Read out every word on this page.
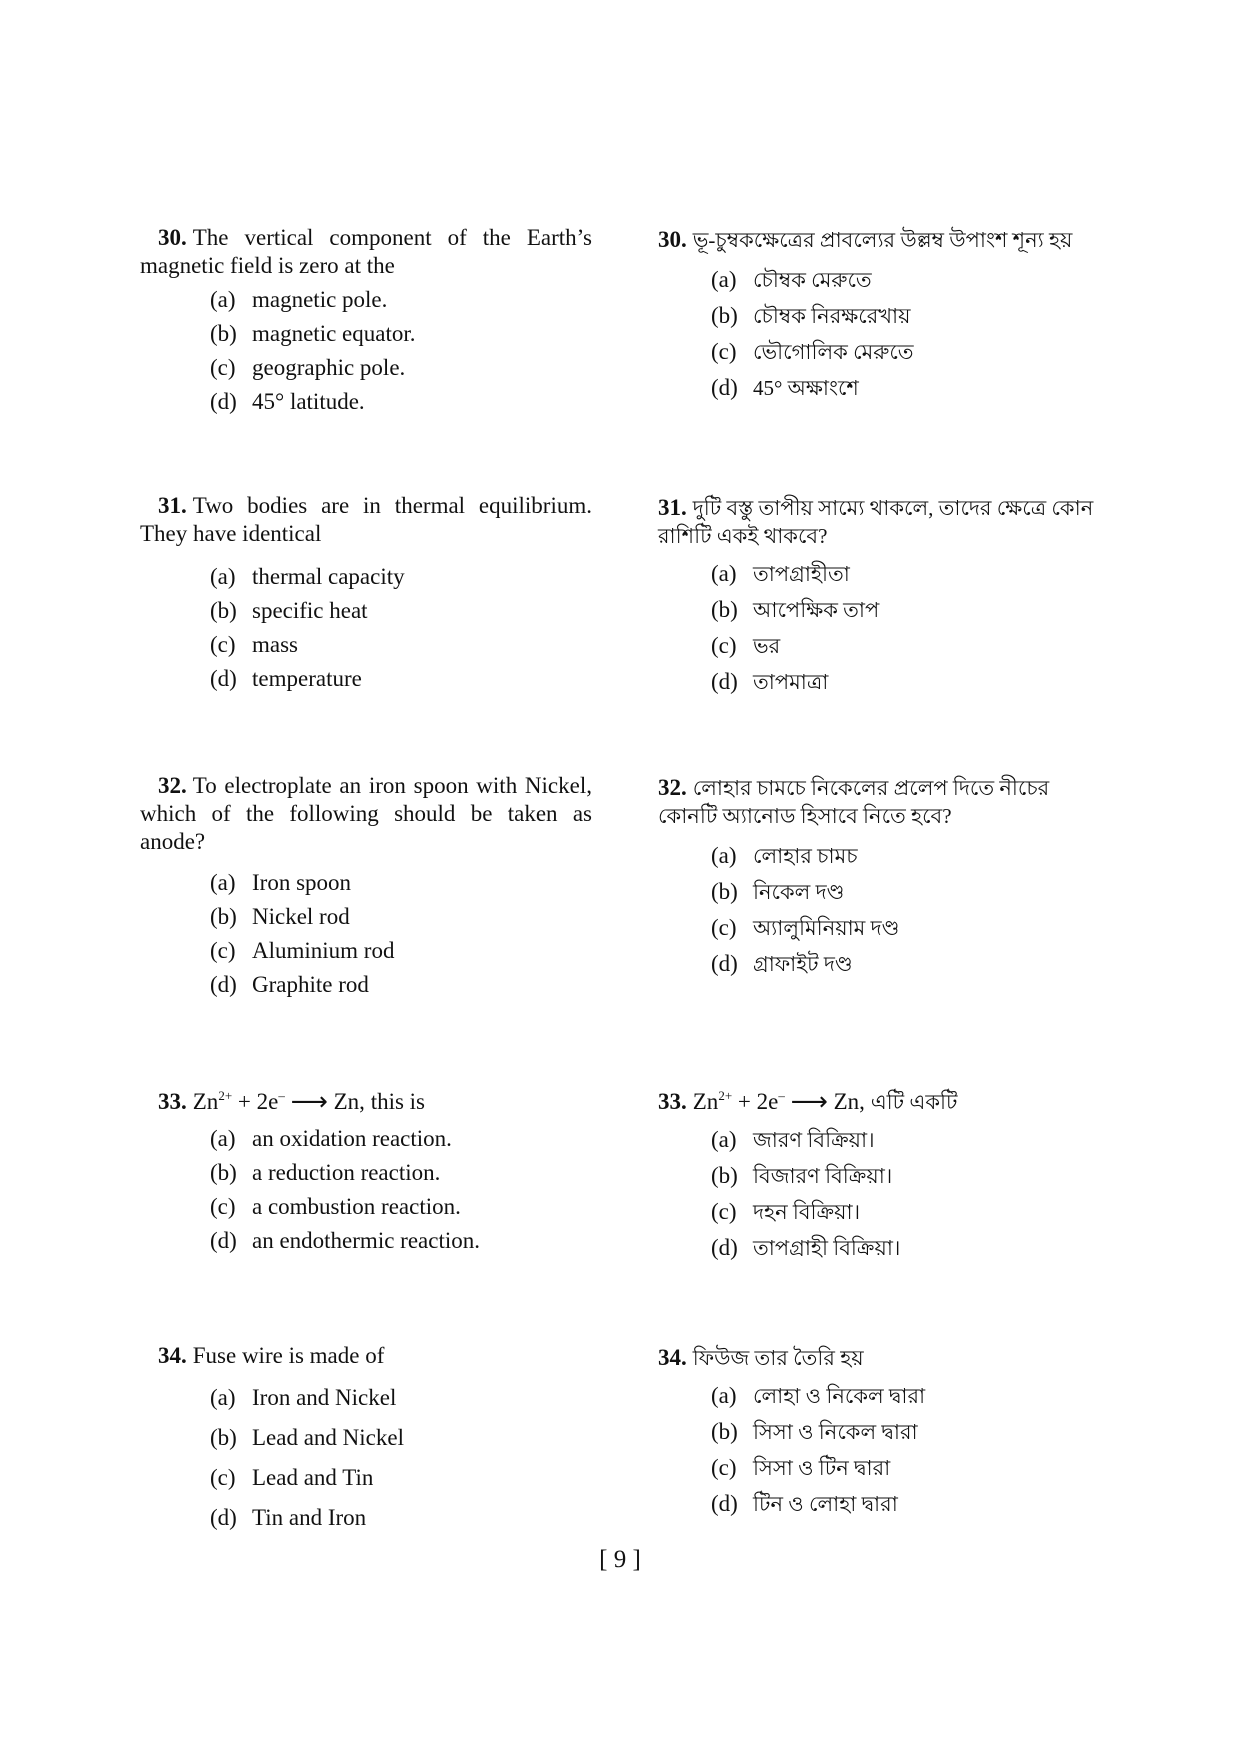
30. The vertical component of the Earth’s magnetic field is zero at the

(a) magnetic pole.
(b) magnetic equator.
(c) geographic pole.
(d) 45° latitude.

30. ভূ-চুম্বকক্ষেত্রের প্রাবল্যের উল্লম্ব উপাংশ শূন্য হয়

(a) চৌম্বক মেরুতে
(b) চৌম্বক নিরক্ষরেখায়
(c) ভৌগোলিক মেরুতে
(d) 45° অক্ষাংশে

31. Two bodies are in thermal equilibrium. They have identical

(a) thermal capacity
(b) specific heat
(c) mass
(d) temperature

31. দুটি বস্তু তাপীয় সাম্যে থাকলে, তাদের ক্ষেত্রে কোন রাশিটি একই থাকবে?

(a) তাপগ্রাহীতা
(b) আপেক্ষিক তাপ
(c) ভর
(d) তাপমাত্রা

32. To electroplate an iron spoon with Nickel, which of the following should be taken as anode?

(a) Iron spoon
(b) Nickel rod
(c) Aluminium rod
(d) Graphite rod

32. লোহার চামচে নিকেলের প্রলেপ দিতে নীচের কোনটি অ্যানোড হিসাবে নিতে হবে?

(a) লোহার চামচ
(b) নিকেল দণ্ড
(c) অ্যালুমিনিয়াম দণ্ড
(d) গ্রাফাইট দণ্ড

33. $Zn^{2+} + 2e^-$ ⟶ Zn, this is

(a) an oxidation reaction.
(b) a reduction reaction.
(c) a combustion reaction.
(d) an endothermic reaction.

33. $Zn^{2+} + 2e^-$ ⟶ Zn, এটি একটি

(a) জারণ বিক্রিয়া।
(b) বিজারণ বিক্রিয়া।
(c) দহন বিক্রিয়া।
(d) তাপগ্রাহী বিক্রিয়া।

34. Fuse wire is made of

(a) Iron and Nickel
(b) Lead and Nickel
(c) Lead and Tin
(d) Tin and Iron

34. ফিউজ তার তৈরি হয়

(a) লোহা ও নিকেল দ্বারা
(b) সিসা ও নিকেল দ্বারা
(c) সিসা ও টিন দ্বারা
(d) টিন ও লোহা দ্বারা
[ 9 ]
